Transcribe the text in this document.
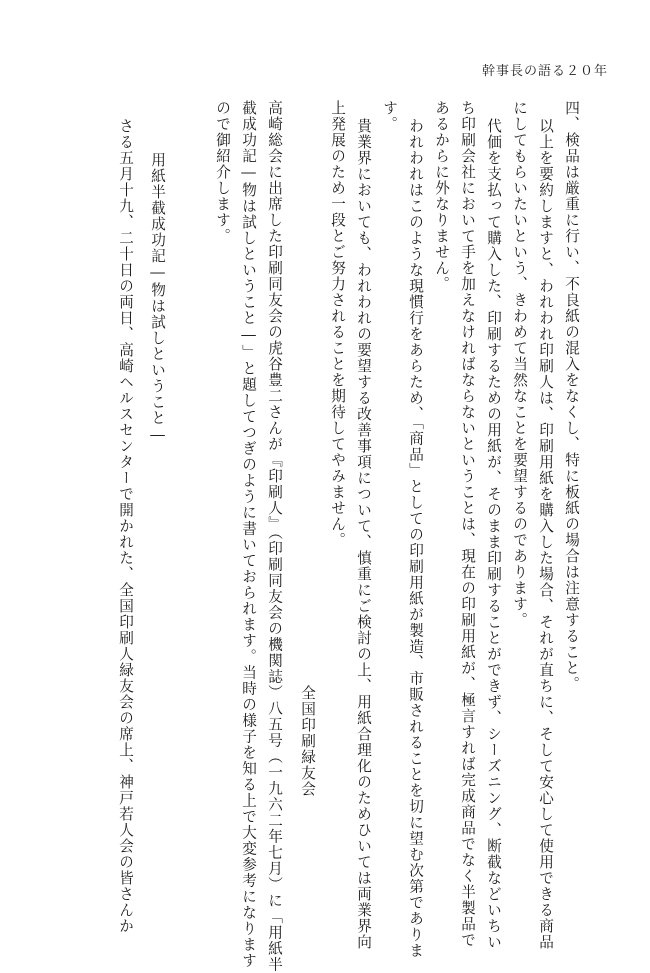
幹事長の語る２０年
四、検品は厳重に行い、不良紙の混入をなくし、特に板紙の場合は注意すること。
以上を要約しますと、われわれ印刷人は、印刷用紙を購入した場合、それが直ちに、そして安心して使用できる商品
にしてもらいたいという、きわめて当然なことを要望するのであります。
代価を支払って購入した、印刷するための用紙が、そのまま印刷することができず、シーズニング、断截などいちい
ち印刷会社において手を加えなければならないということは、現在の印刷用紙が、極言すれば完成商品でなく半製品で
あるからに外なりません。
われわれはこのような現慣行をあらため、「商品」としての印刷用紙が製造、市販されることを切に望む次第でありま
す。
貴業界においても、われわれの要望する改善事項について、慎重にご検討の上、用紙合理化のためひいては両業界向
上発展のため一段とご努力されることを期待してやみません。
全国印刷緑友会
高崎総会に出席した印刷同友会の虎谷豊二さんが『印刷人』（印刷同友会の機関誌）八五号（一九六二年七月）に「用紙半
截成功記―物は試しということ―」と題してつぎのように書いておられます。当時の様子を知る上で大変参考になります
ので御紹介します。
用紙半截成功記―物は試しということ―
さる五月十九、二十日の両日、高崎ヘルスセンターで開かれた、全国印刷人緑友会の席上、神戸若人会の皆さんか
